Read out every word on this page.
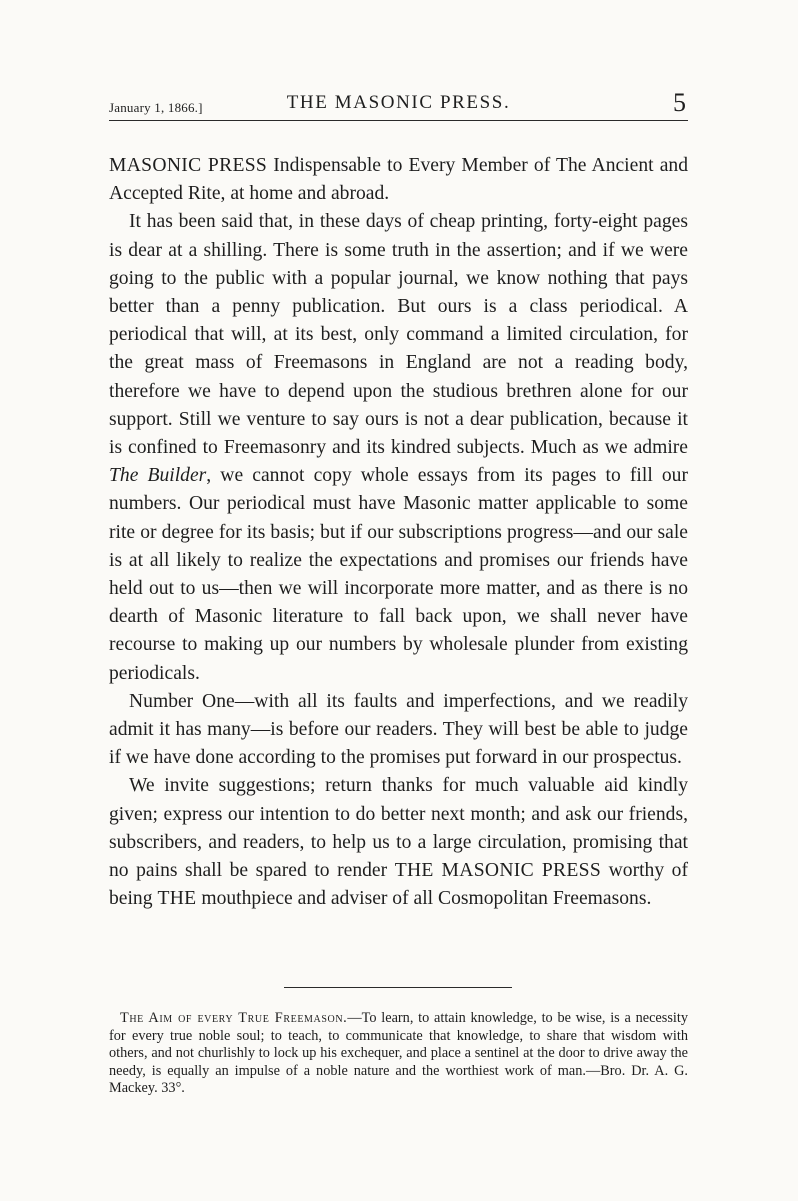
January 1, 1866.]	THE MASONIC PRESS.	5

MASONIC PRESS Indispensable to Every Member of The Ancient and Accepted Rite, at home and abroad.

It has been said that, in these days of cheap printing, forty-eight pages is dear at a shilling. There is some truth in the assertion; and if we were going to the public with a popular journal, we know nothing that pays better than a penny publication. But ours is a class periodical. A periodical that will, at its best, only command a limited circulation, for the great mass of Freemasons in England are not a reading body, therefore we have to depend upon the studious brethren alone for our support. Still we venture to say ours is not a dear publication, because it is confined to Freemasonry and its kindred subjects. Much as we admire The Builder, we cannot copy whole essays from its pages to fill our numbers. Our periodical must have Masonic matter applicable to some rite or degree for its basis; but if our subscriptions progress—and our sale is at all likely to realize the expectations and promises our friends have held out to us—then we will incorporate more matter, and as there is no dearth of Masonic literature to fall back upon, we shall never have recourse to making up our numbers by wholesale plunder from existing periodicals.

Number One—with all its faults and imperfections, and we readily admit it has many—is before our readers. They will best be able to judge if we have done according to the promises put forward in our prospectus.

We invite suggestions; return thanks for much valuable aid kindly given; express our intention to do better next month; and ask our friends, subscribers, and readers, to help us to a large circulation, promising that no pains shall be spared to render THE MASONIC PRESS worthy of being THE mouthpiece and adviser of all Cosmopolitan Freemasons.

The Aim of every True Freemason.—To learn, to attain knowledge, to be wise, is a necessity for every true noble soul; to teach, to communicate that knowledge, to share that wisdom with others, and not churlishly to lock up his exchequer, and place a sentinel at the door to drive away the needy, is equally an impulse of a noble nature and the worthiest work of man.—Bro. Dr. A. G. Mackey. 33°.
